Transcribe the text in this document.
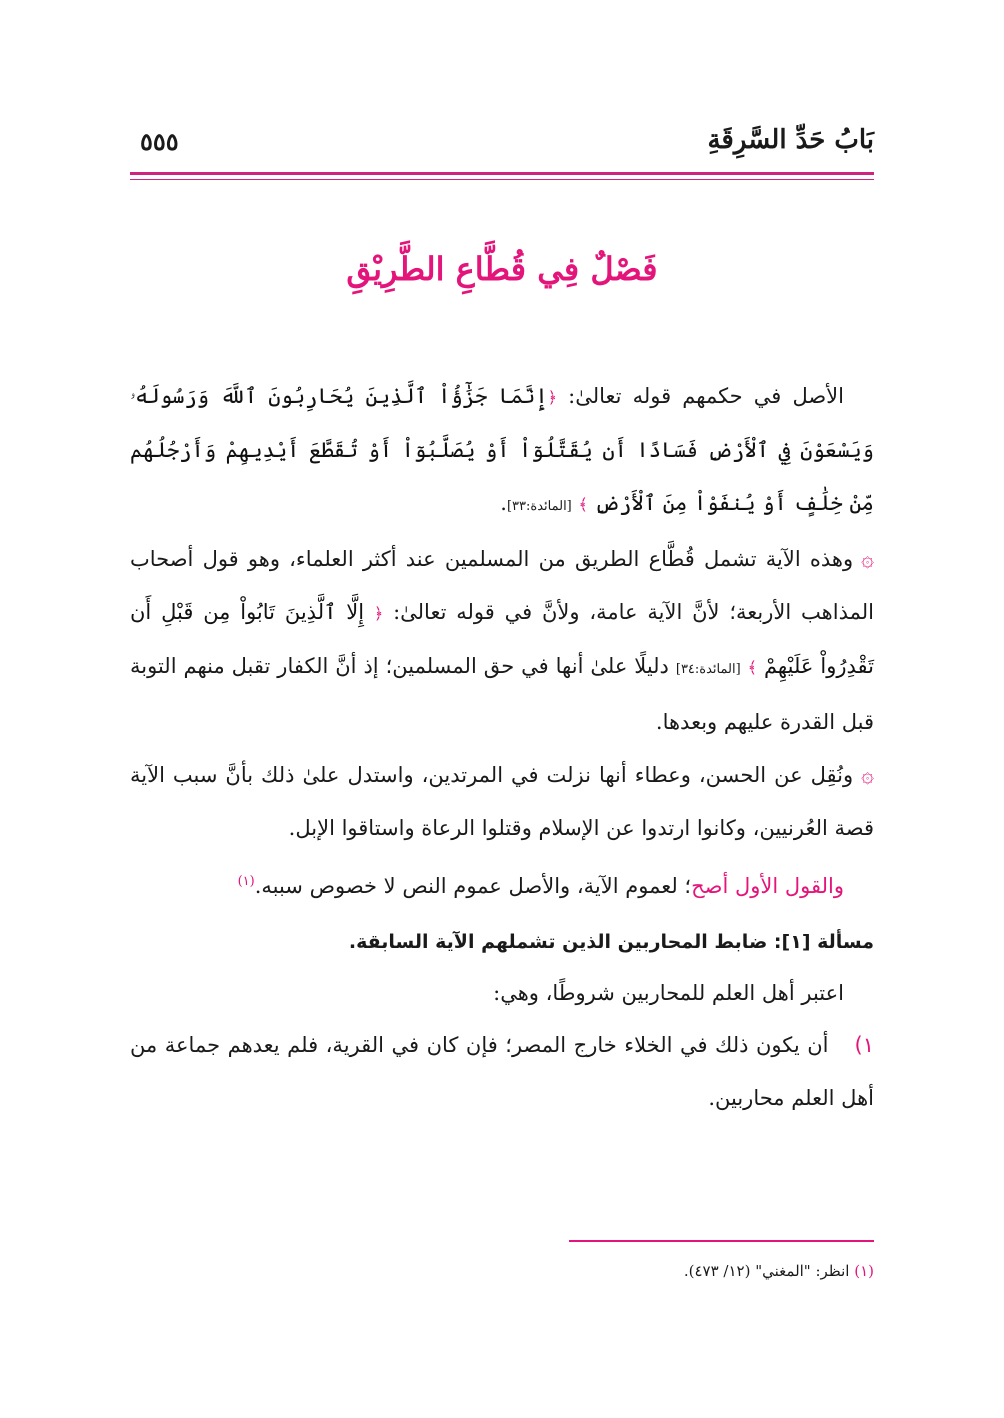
بَابُ حَدِّ السَّرِقَةِ
٥٥٥
فَصْلٌ فِي قُطَّاعِ الطَّرِيْقِ

الأصل في حكمهم قوله تعالىٰ: ﴿إِنَّمَا جَزَٰٓؤُاْ ٱلَّذِينَ يُحَارِبُونَ ٱللَّهَ وَرَسُولَهُۥ وَيَسْعَوْنَ فِي ٱلْأَرْضِ فَسَادًا أَن يُقَتَّلُوٓاْ أَوْ يُصَلَّبُوٓاْ أَوْ تُقَطَّعَ أَيْدِيهِمْ وَأَرْجُلُهُم مِّنْ خِلَٰفٍ أَوْ يُنفَوْاْ مِنَ ٱلْأَرْضِ ﴾ [المائدة:٣٣].

۞وهذه الآية تشمل قُطَّاع الطريق من المسلمين عند أكثر العلماء، وهو قول أصحاب المذاهب الأربعة؛ لأنَّ الآية عامة، ولأنَّ في قوله تعالىٰ: ﴿ إِلَّا ٱلَّذِينَ تَابُواْ مِن قَبْلِ أَن تَقْدِرُواْ عَلَيْهِمْ ﴾ [المائدة:٣٤] دليلًا علىٰ أنها في حق المسلمين؛ إذ أنَّ الكفار تقبل منهم التوبة قبل القدرة عليهم وبعدها.

۞ونُقِل عن الحسن، وعطاء أنها نزلت في المرتدين، واستدل علىٰ ذلك بأنَّ سبب الآية قصة العُرنيين، وكانوا ارتدوا عن الإسلام وقتلوا الرعاة واستاقوا الإبل.

والقول الأول أصح؛ لعموم الآية، والأصل عموم النص لا خصوص سببه.$^{(١)}$

مسألة [١]: ضابط المحاربين الذين تشملهم الآية السابقة.

اعتبر أهل العلم للمحاربين شروطًا، وهي:

١)أن يكون ذلك في الخلاء خارج المصر؛ فإن كان في القرية، فلم يعدهم جماعة من أهل العلم محاربين.

(١) انظر: "المغني" (١٢/ ٤٧٣).
